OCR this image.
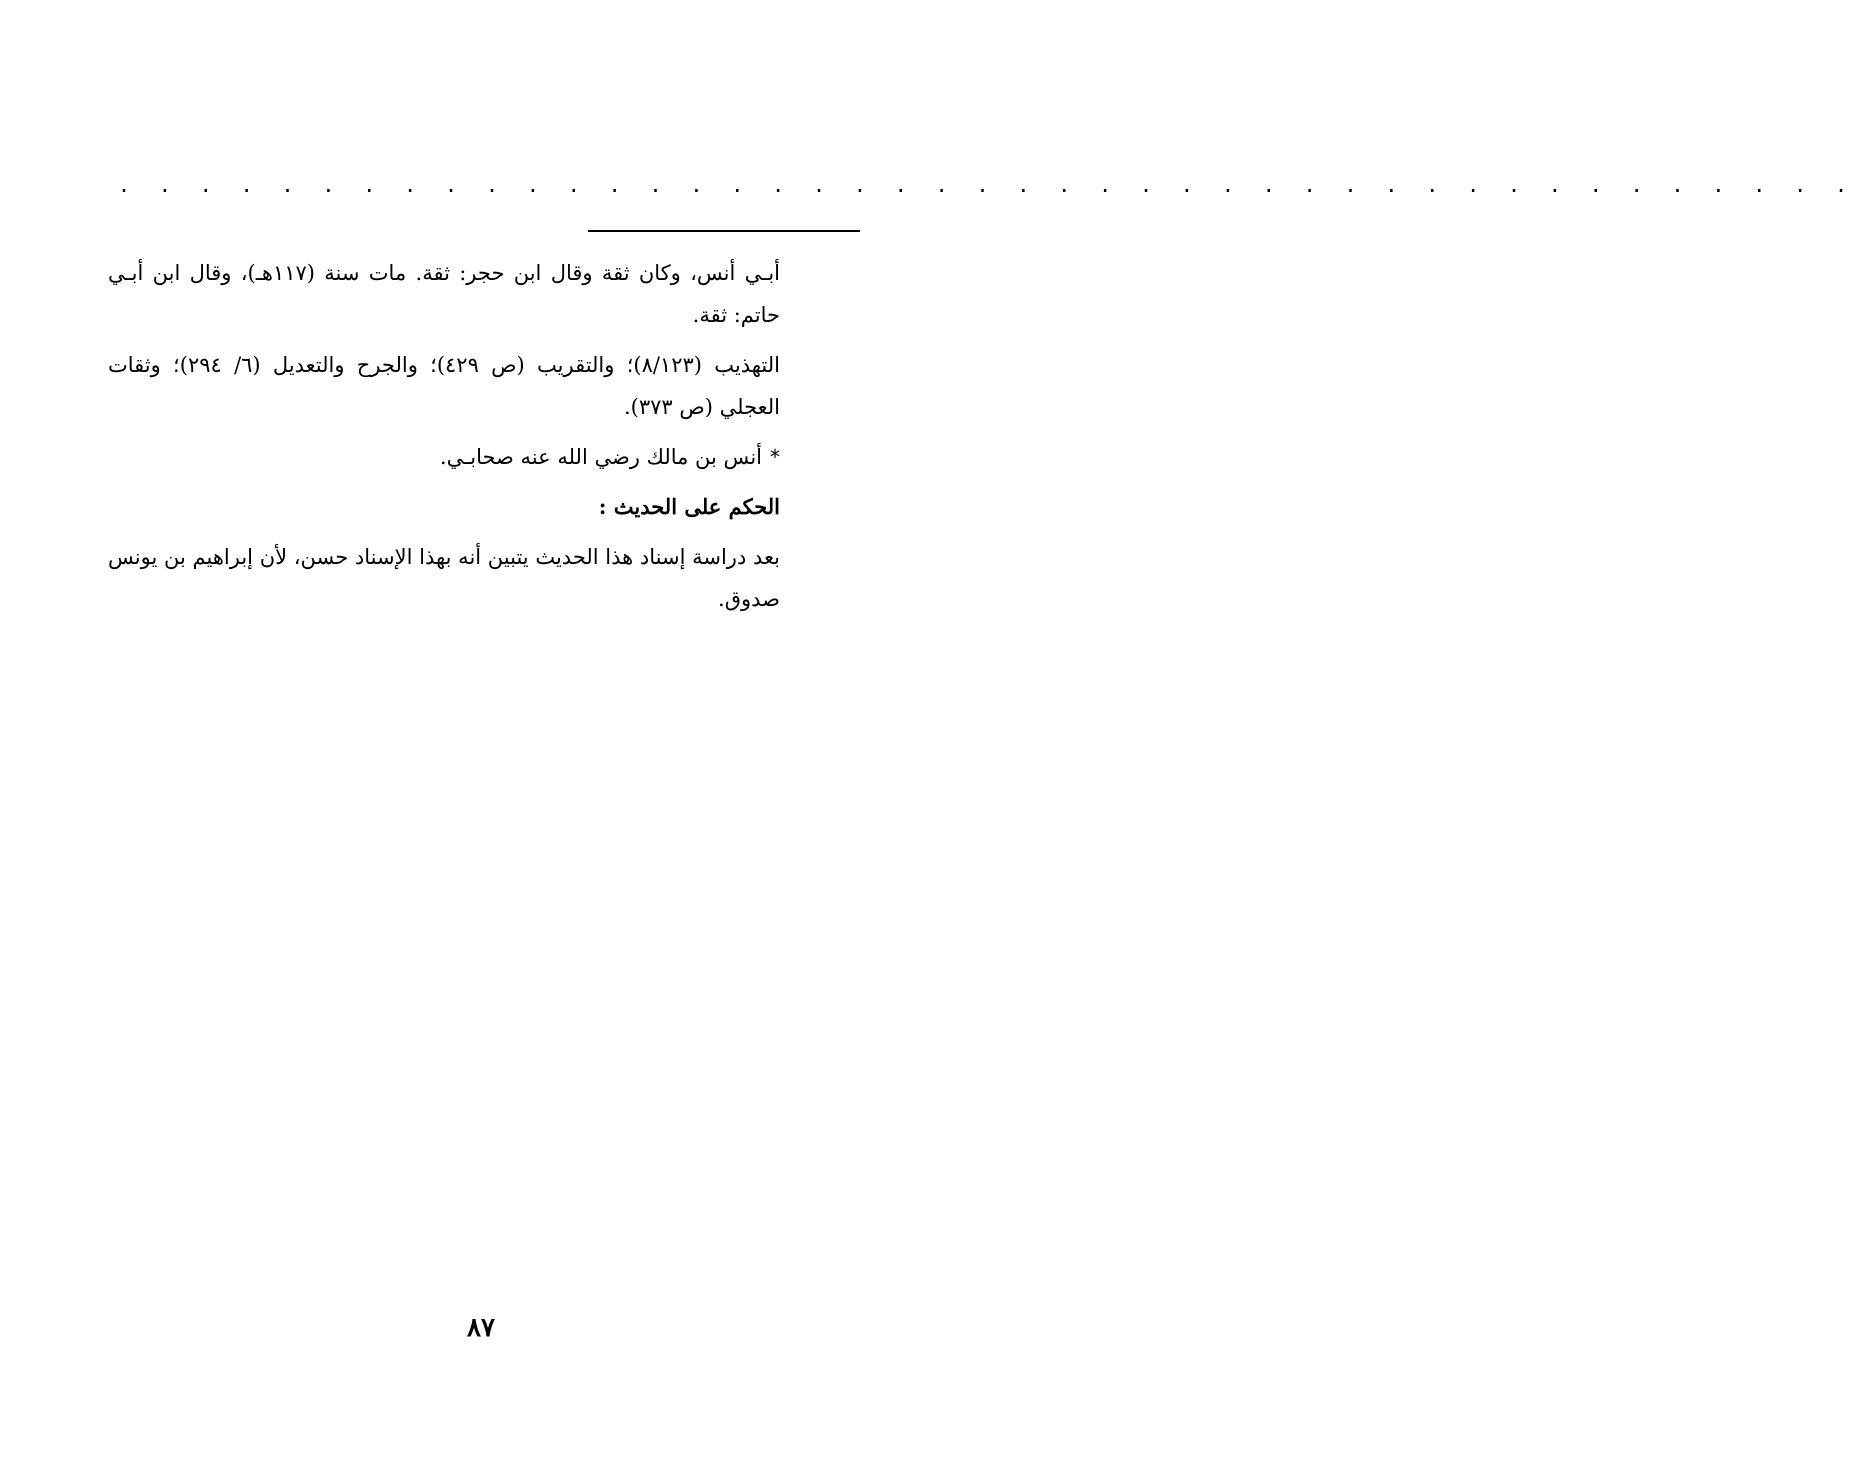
. . . . . . . . . . . . . . . . . . . . . . . . . . . . . . . . . . . . . . . . . . .

أبـي أنس، وكان ثقة وقال ابن حجر: ثقة. مات سنة (١١٧هـ)، وقال ابن أبـي حاتم: ثقة.

التهذيب (٨/١٢٣)؛ والتقريب (ص ٤٢٩)؛ والجرح والتعديل (٦/ ٢٩٤)؛ وثقات العجلي (ص ٣٧٣).

*أنس بن مالك رضي الله عنه صحابـي.

الحكم على الحديث :

بعد دراسة إسناد هذا الحديث يتبين أنه بهذا الإسناد حسن، لأن إبراهيم بن يونس صدوق.

٨٧
